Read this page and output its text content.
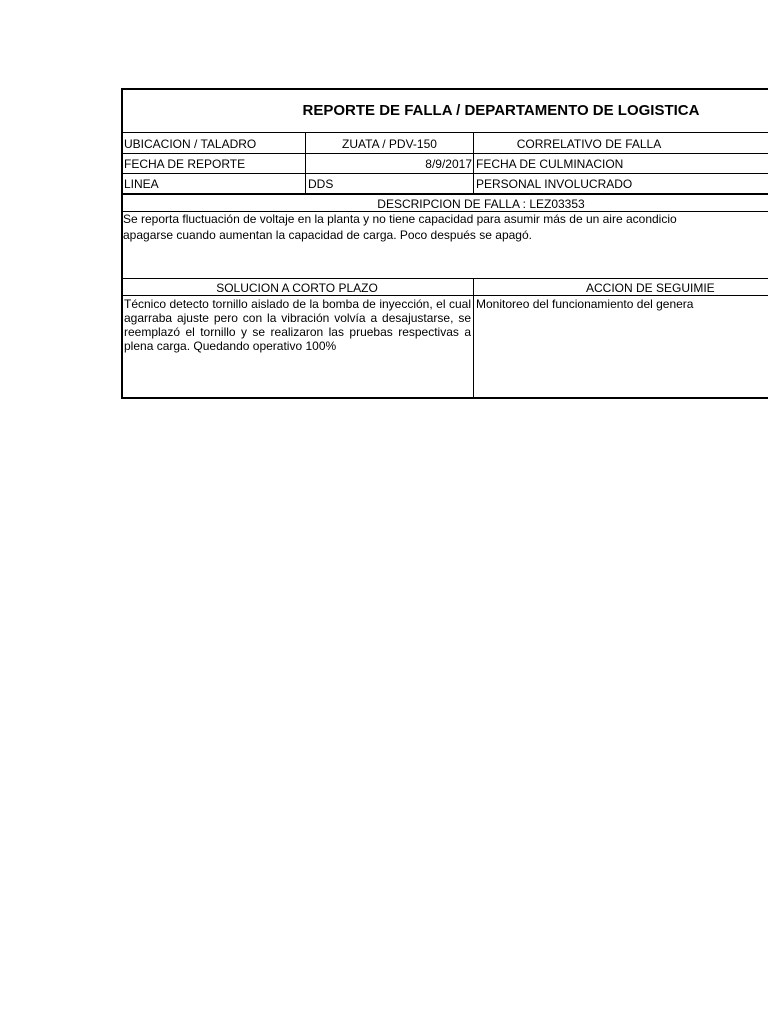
REPORTE DE FALLA / DEPARTAMENTO DE LOGISTICA
UBICACION / TALADRO	ZUATA / PDV-150	CORRELATIVO DE FALLA
FECHA DE REPORTE	8/9/2017 FECHA DE CULMINACION
LINEA	DDS	PERSONAL INVOLUCRADO
DESCRIPCION DE FALLA : LEZ03353
Se reporta fluctuación de voltaje en la planta y no tiene capacidad para asumir más de un aire acondicio
apagarse cuando aumentan la capacidad de carga. Poco después se apagó.
SOLUCION A CORTO PLAZO	ACCION DE SEGUIMIE
Técnico detecto tornillo aislado de la bomba de inyección, el cual agarraba ajuste pero con la vibración volvía a desajustarse, se reemplazó el tornillo y se realizaron las pruebas respectivas a plena carga. Quedando operativo 100%
Monitoreo del funcionamiento del genera
